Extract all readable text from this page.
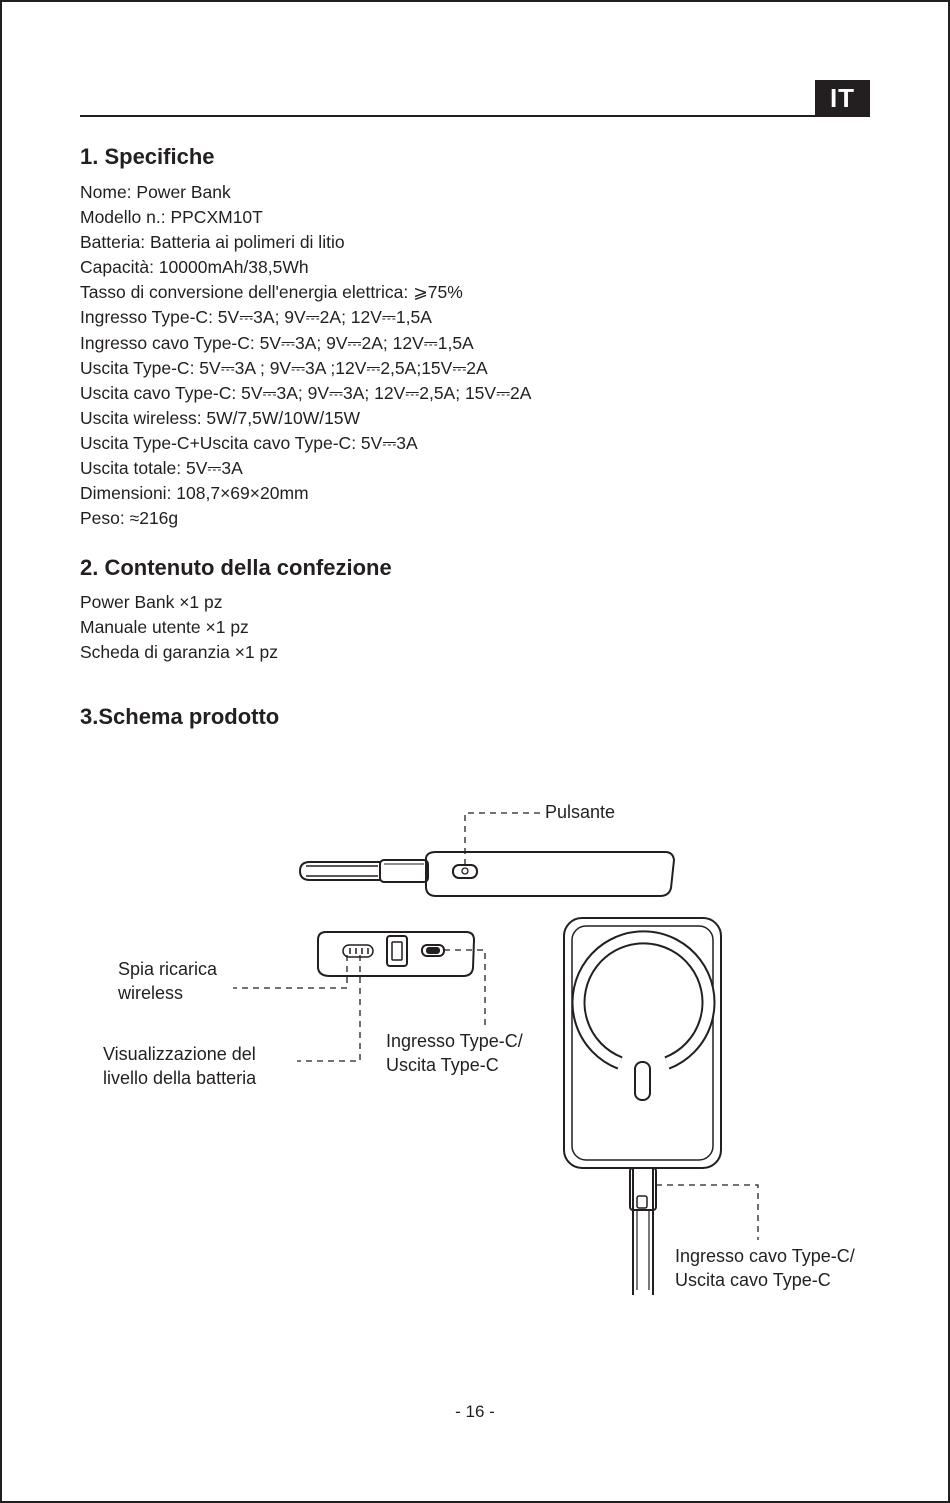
IT
1. Specifiche
Nome: Power Bank
Modello n.: PPCXM10T
Batteria: Batteria ai polimeri di litio
Capacità: 10000mAh/38,5Wh
Tasso di conversione dell'energia elettrica: ⩾75%
Ingresso Type-C: 5V⎓3A; 9V⎓2A; 12V⎓1,5A
Ingresso cavo Type-C: 5V⎓3A; 9V⎓2A; 12V⎓1,5A
Uscita Type-C: 5V⎓3A ; 9V⎓3A ;12V⎓2,5A;15V⎓2A
Uscita cavo Type-C: 5V⎓3A; 9V⎓3A; 12V⎓2,5A; 15V⎓2A
Uscita wireless: 5W/7,5W/10W/15W
Uscita Type-C+Uscita cavo Type-C: 5V⎓3A
Uscita totale: 5V⎓3A
Dimensioni: 108,7×69×20mm
Peso: ≈216g
2. Contenuto della confezione
Power Bank ×1 pz
Manuale utente ×1 pz
Scheda di garanzia ×1 pz
3.Schema prodotto
Pulsante
Spia ricarica
wireless
Visualizzazione del
livello della batteria
Ingresso Type-C/
Uscita Type-C
Ingresso cavo Type-C/
Uscita cavo Type-C
- 16 -
